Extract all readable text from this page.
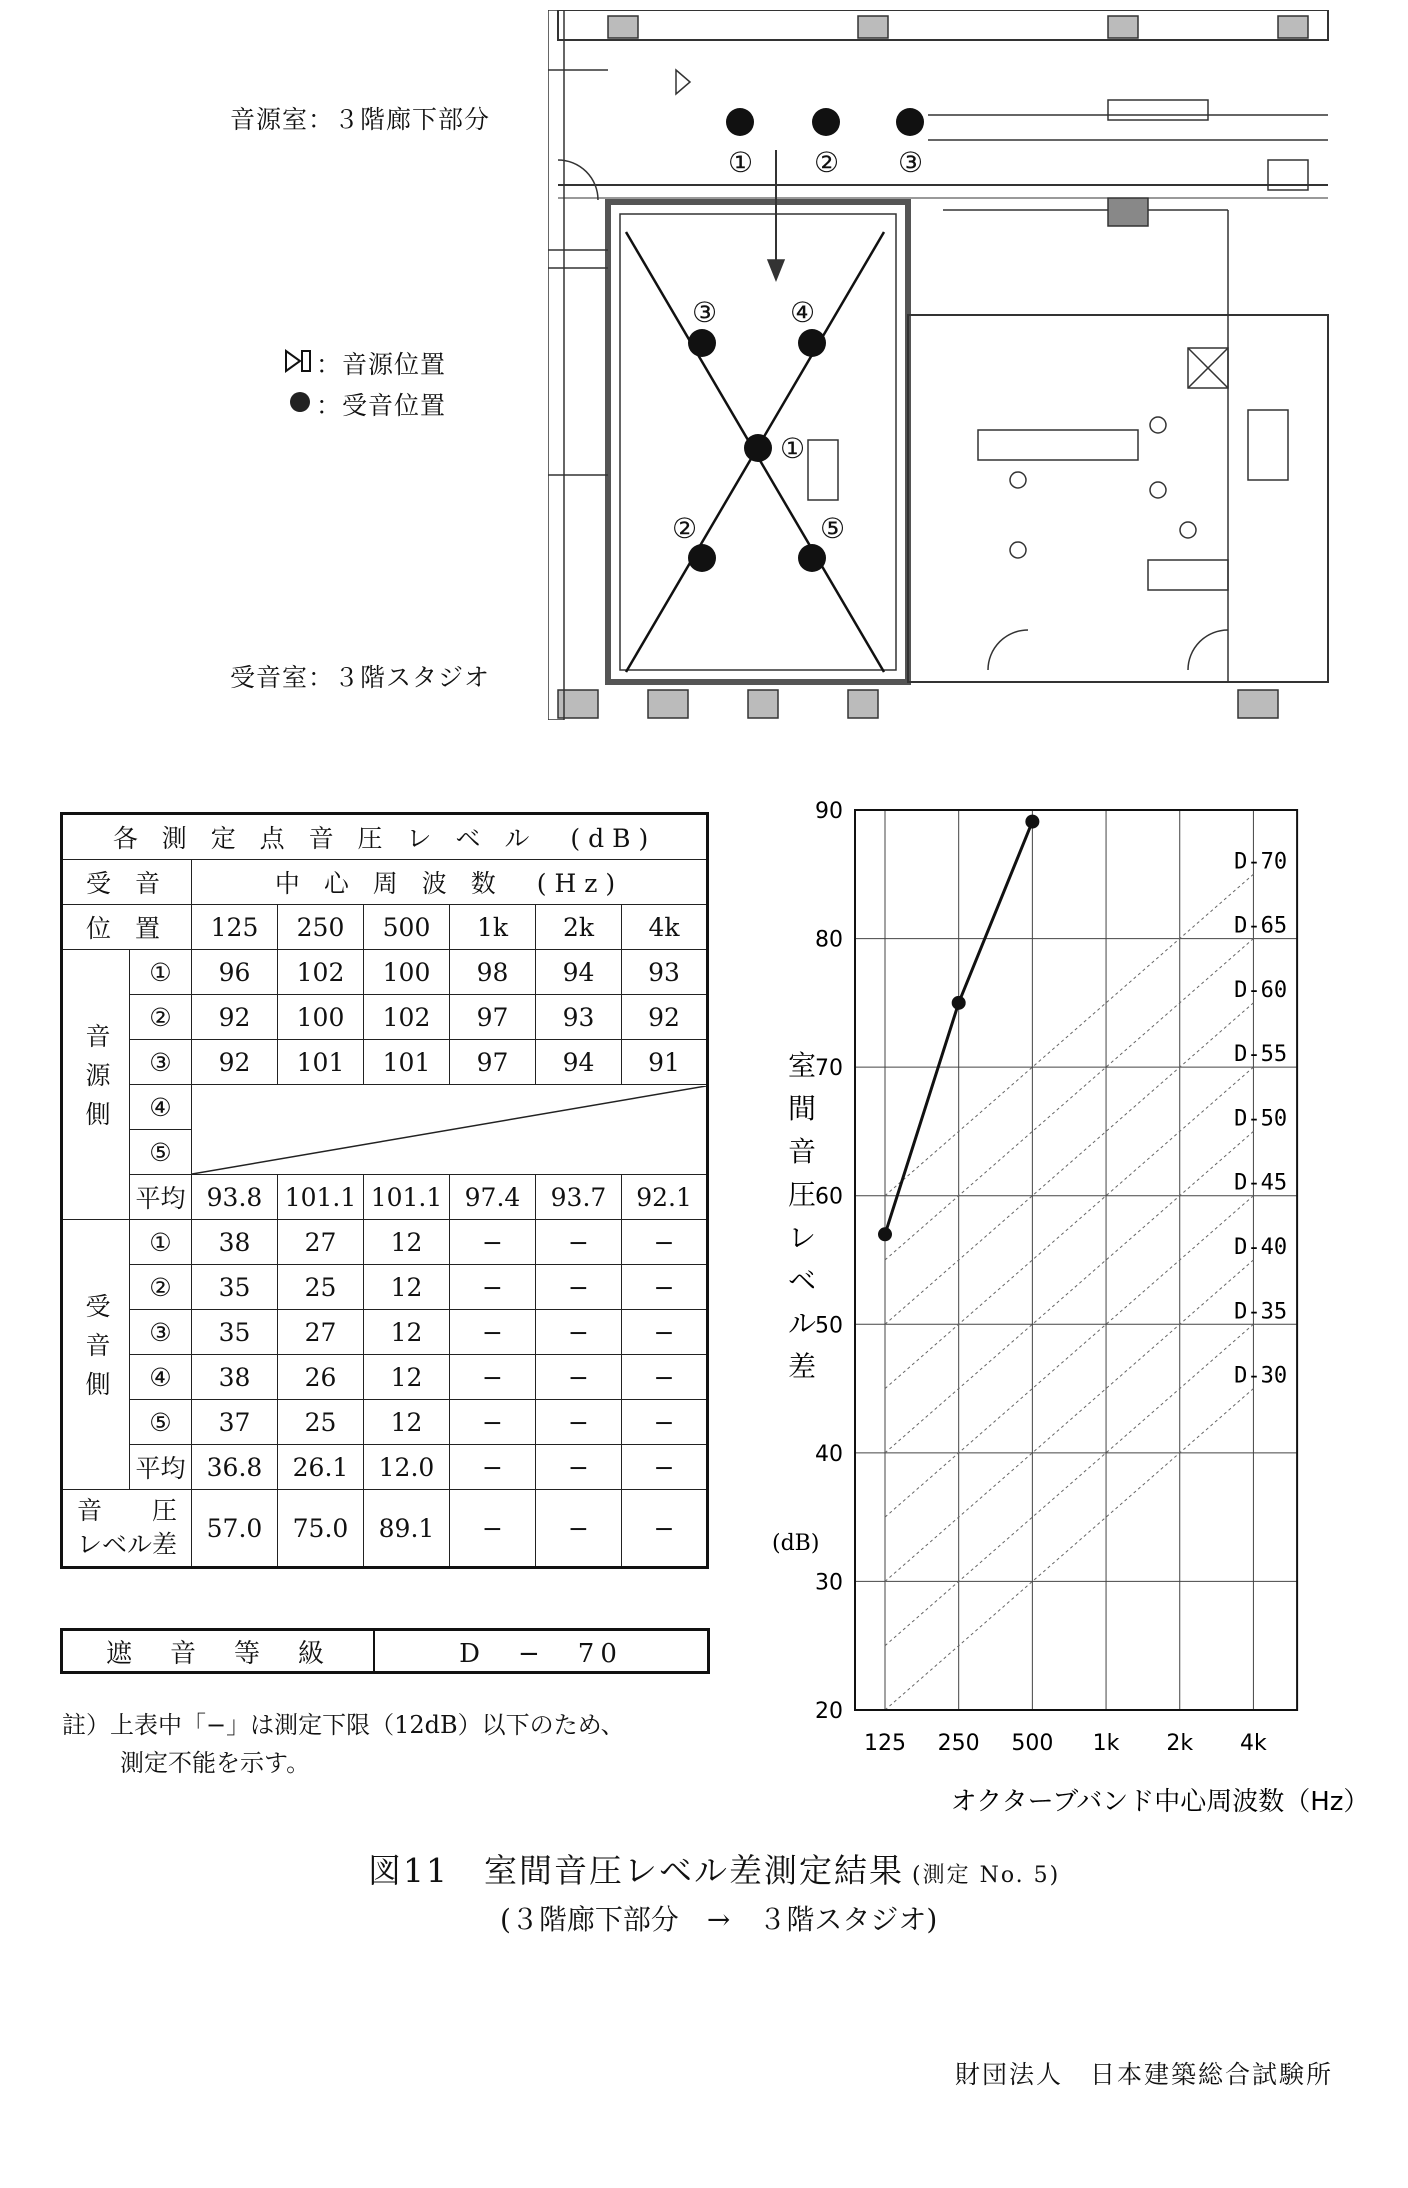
音源室：３階廊下部分
：音源位置
：受音位置
受音室：３階スタジオ
① ② ③
③	④
①
②	⑤
各 測 定 点 音 圧 レ ベ ル　(dB)							
受 音		中 心 周 波 数　(Hz)					
位 置		125	250	500	1k	2k	4k
音源側	①	96	102	100	98	94	93
	②	92	100	102	97	93	92
	③	92	101	101	97	94	91
	④	

	⑤						
	平均	93.8	101.1	101.1	97.4	93.7	92.1
受音側	①	38	27	12	−	−	−
	②	35	25	12	−	−	−
	③	35	27	12	−	−	−
	④	38	26	12	−	−	−
	⑤	37	25	12	−	−	−
	平均	36.8	26.1	12.0	−	−	−

音　　圧
レベル差		57.0	75.0	89.1	−	−	−
遮　音　等　級	D　−　70
註）上表中「−」は測定下限（12dB）以下のため、
測定不能を示す。
D-70
D-65
D-60
D-55
D-50
D-45
D-40
D-35
D-30
20
30
40
50
60
70
80
90
125 250 500 1k 2k 4k
室間音圧レベル差
(dB)
オクターブバンド中心周波数（Hz）
図11　室間音圧レベル差測定結果 (測定 No. 5)
(３階廊下部分　→　３階スタジオ)
財団法人　日本建築総合試験所
